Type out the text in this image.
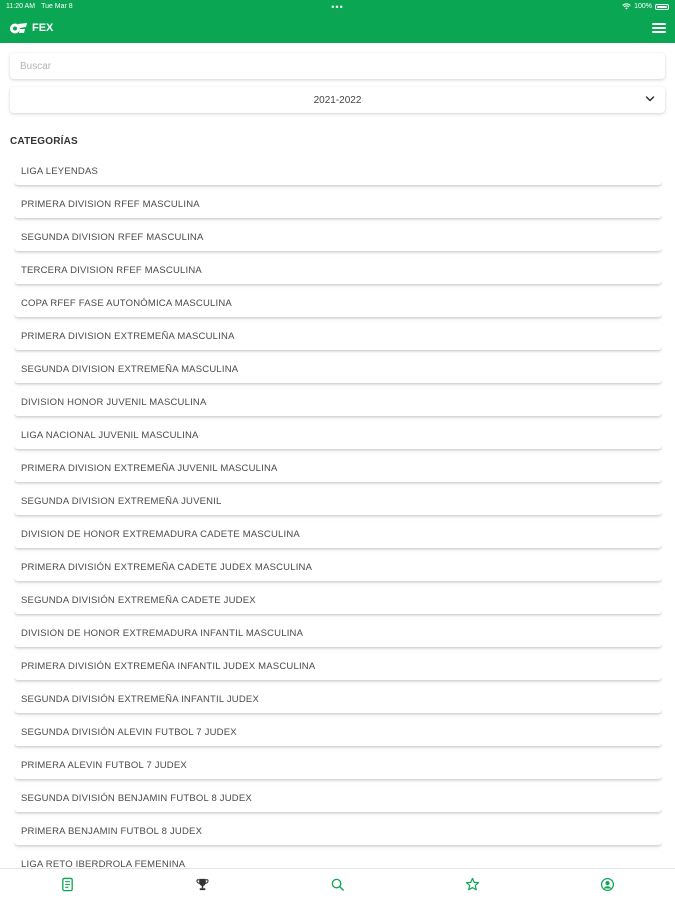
11:20 AM Tue Mar 8	•••	100%
FEX
Buscar
2021-2022
CATEGORÍAS
LIGA LEYENDAS
PRIMERA DIVISION RFEF MASCULINA
SEGUNDA DIVISION RFEF MASCULINA
TERCERA DIVISION RFEF MASCULINA
COPA RFEF FASE AUTONÓMICA MASCULINA
PRIMERA DIVISION EXTREMEÑA MASCULINA
SEGUNDA DIVISION EXTREMEÑA MASCULINA
DIVISION HONOR JUVENIL MASCULINA
LIGA NACIONAL JUVENIL MASCULINA
PRIMERA DIVISION EXTREMEÑA JUVENIL MASCULINA
SEGUNDA DIVISION EXTREMEÑA JUVENIL
DIVISION DE HONOR EXTREMADURA CADETE MASCULINA
PRIMERA DIVISIÓN EXTREMEÑA CADETE JUDEX MASCULINA
SEGUNDA DIVISIÓN EXTREMEÑA CADETE JUDEX
DIVISION DE HONOR EXTREMADURA INFANTIL MASCULINA
PRIMERA DIVISIÓN EXTREMEÑA INFANTIL JUDEX MASCULINA
SEGUNDA DIVISIÓN EXTREMEÑA INFANTIL JUDEX
SEGUNDA DIVISIÓN ALEVIN FUTBOL 7 JUDEX
PRIMERA ALEVIN FUTBOL 7 JUDEX
SEGUNDA DIVISIÓN BENJAMIN FUTBOL 8 JUDEX
PRIMERA BENJAMIN FUTBOL 8 JUDEX
LIGA RETO IBERDROLA FEMENINA
